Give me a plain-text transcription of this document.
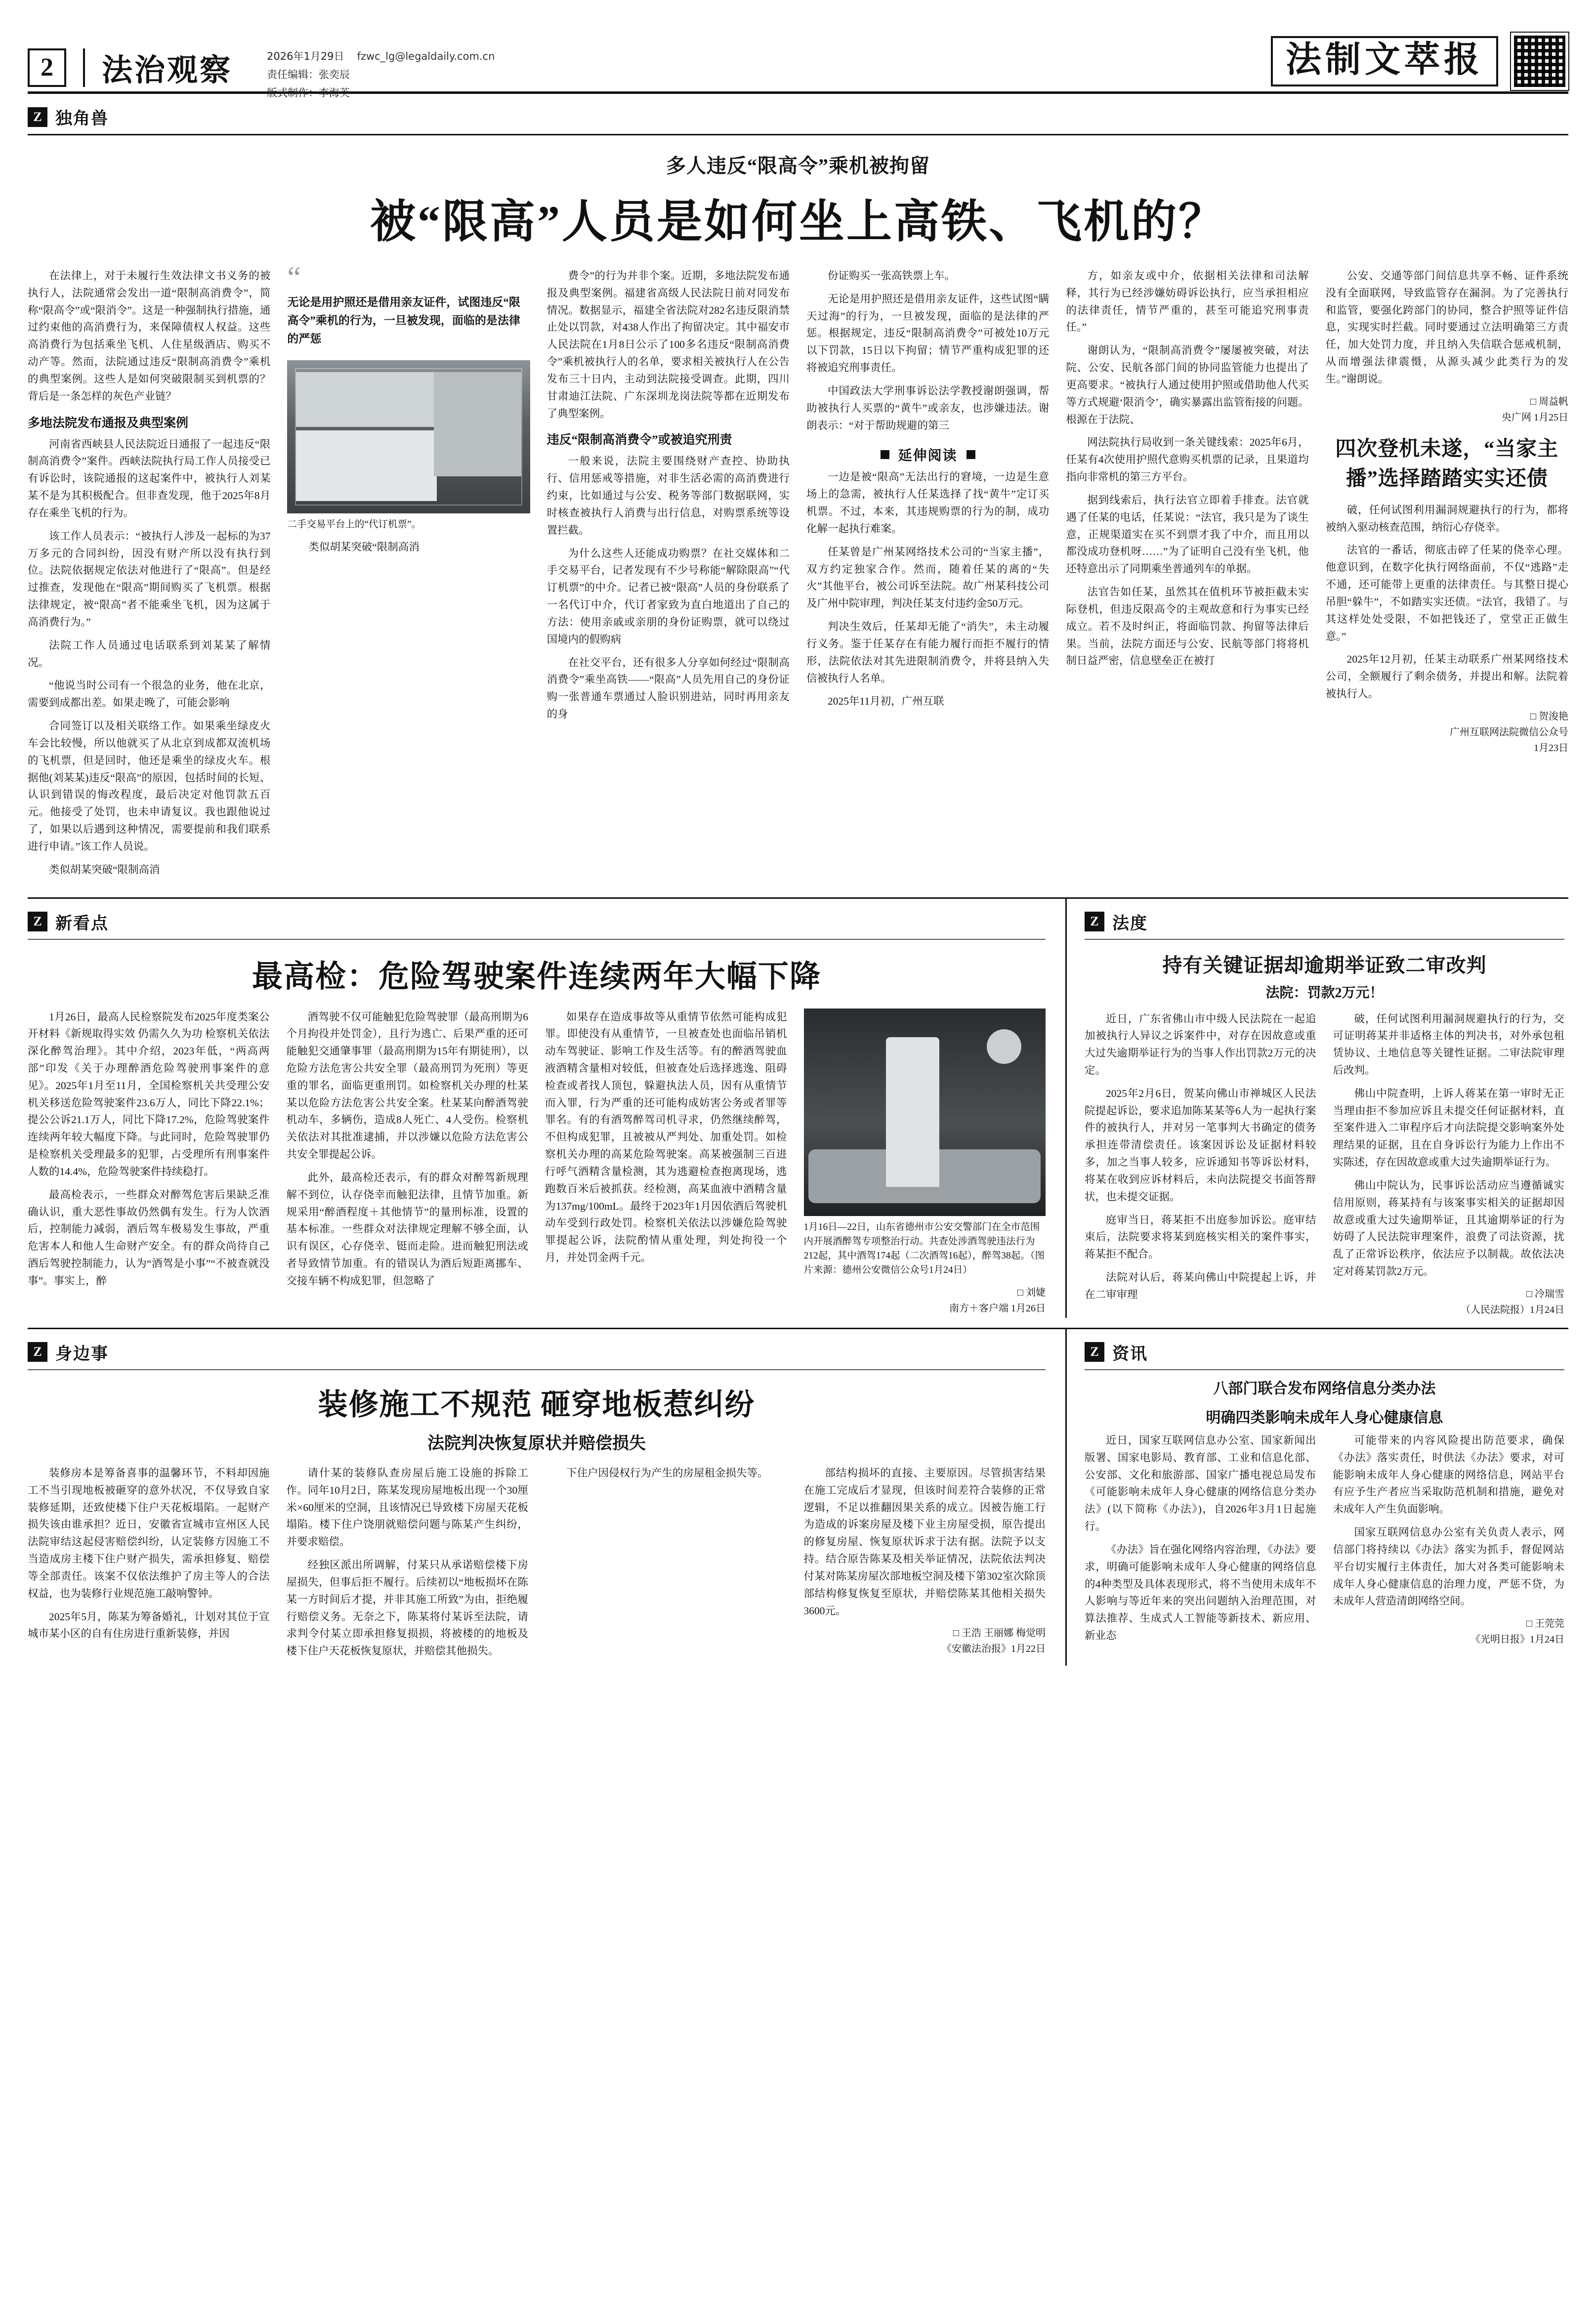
2	法治观察	2026年1月29日 fzwc_lg@legaldaily.com.cn
责任编辑：张奕辰
版式制作：李海英
法制文萃报
Z 独角兽
多人违反“限高令”乘机被拘留
被“限高”人员是如何坐上高铁、飞机的？

在法律上，对于未履行生效法律文书义务的被执行人，法院通常会发出一道“限制高消费令”，简称“限高令”或“限消令”。这是一种强制执行措施，通过约束他的高消费行为，来保障债权人权益。这些高消费行为包括乘坐飞机、人住星级酒店、购买不动产等。然而，法院通过违反“限制高消费令”乘机的典型案例。这些人是如何突破限制买到机票的？背后是一条怎样的灰色产业链？

多地法院发布通报及典型案例

河南省西峡县人民法院近日通报了一起违反“限制高消费令”案件。西峡法院执行局工作人员接受已有诉讼时，该院通报的这起案件中，被执行人刘某某不是为其积极配合。但非查发现，他于2025年8月存在乘坐飞机的行为。

该工作人员表示：“被执行人涉及一起标的为37万多元的合同纠纷，因没有财产所以没有执行到位。法院依据规定依法对他进行了“限高”。但是经过推查，发现他在“限高”期间购买了飞机票。根据法律规定，被“限高”者不能乘坐飞机，因为这属于高消费行为。”

法院工作人员通过电话联系到刘某某了解情况。

“他说当时公司有一个很急的业务，他在北京，需要到成都出差。如果走晚了，可能会影响

合同签订以及相关联络工作。如果乘坐绿皮火车会比较慢，所以他就买了从北京到成都双流机场的飞机票，但是回时，他还是乘坐的绿皮火车。根据他(刘某某)违反“限高”的原因，包括时间的长短、认识到错误的悔改程度，最后决定对他罚款五百元。他接受了处罚，也未申请复议。我也跟他说过了，如果以后遇到这种情况，需要提前和我们联系进行申请。”该工作人员说。

类似胡某突破“限制高消

“

无论是用护照还是借用亲友证件，试图违反“限高令”乘机的行为，一旦被发现，面临的是法律的严惩

二手交易平台上的“代订机票”。

类似胡某突破“限制高消

费令”的行为并非个案。近期，多地法院发布通报及典型案例。福建省高级人民法院日前对同发布情况。数据显示，福建全省法院对282名违反限消禁止处以罚款，对438人作出了拘留决定。其中福安市人民法院在1月8日公示了100多名违反“限制高消费令”乘机被执行人的名单，要求相关被执行人在公告发布三十日内，主动到法院接受调查。此期，四川甘肃迪江法院、广东深圳龙岗法院等都在近期发布了典型案例。

违反“限制高消费令”或被追究刑责

一般来说，法院主要围绕财产查控、协助执行、信用惩戒等措施，对非生活必需的高消费进行约束，比如通过与公安、税务等部门数据联网，实时核查被执行人消费与出行信息，对购票系统等设置拦截。

为什么这些人还能成功购票？在社交媒体和二手交易平台，记者发现有不少号称能“解除限高”“代订机票”的中介。记者已被“限高”人员的身份联系了一名代订中介，代订者家致为直白地道出了自己的方法：使用亲戚或亲朋的身份证购票，就可以绕过国境内的假购病

在社交平台，还有很多人分享如何经过“限制高消费令”乘坐高铁——“限高”人员先用自己的身份证购一张普通车票通过人脸识别进站，同时再用亲友的身

份证购买一张高铁票上车。

无论是用护照还是借用亲友证件，这些试图“瞒天过海”的行为，一旦被发现，面临的是法律的严惩。根据规定，违反“限制高消费令”可被处10万元以下罚款，15日以下拘留；情节严重构成犯罪的还将被追究刑事责任。

中国政法大学刑事诉讼法学教授谢朗强调，帮助被执行人买票的“黄牛”或亲友，也涉嫌违法。谢朗表示：“对于帮助规避的第三

延伸阅读

一边是被“限高”无法出行的窘境，一边是生意场上的急需，被执行人任某选择了找“黄牛”定订买机票。不过，本来，其违规购票的行为的制，成功化解一起执行难案。

任某曾是广州某网络技术公司的“当家主播”，双方约定独家合作。然而，随着任某的离的“失火”其他平台，被公司诉至法院。故广州某科技公司及广州中院审理，判决任某支付违约金50万元。

判决生效后，任某却无能了“消失”，未主动履行义务。鉴于任某存在有能力履行而拒不履行的情形，法院依法对其先进限制消费令，并将县纳入失信被执行人名单。

2025年11月初，广州互联

方，如亲友或中介，依据相关法律和司法解释，其行为已经涉嫌妨碍诉讼执行，应当承担相应的法律责任，情节严重的，甚至可能追究刑事责任。”

谢朗认为，“限制高消费令”屡屡被突破，对法院、公安、民航各部门间的协同监管能力也提出了更高要求。“被执行人通过使用护照或借助他人代买等方式规避‘限消令’，确实暴露出监管衔接的问题。根源在于法院、

网法院执行局收到一条关键线索：2025年6月，任某有4次使用护照代意购买机票的记录，且果道均指向非常机的第三方平台。

据到线索后，执行法官立即着手排查。法官就遇了任某的电话，任某说：“法官，我只是为了谈生意，正规渠道实在买不到票才我了中介，而且用以都没成功登机呀……”为了证明自己没有坐飞机，他还特意出示了同期乘坐普通列车的单据。

法官告如任某，虽然其在值机环节被拒截未实际登机，但违反限高令的主观故意和行为事实已经成立。若不及时纠正，将面临罚款、拘留等法律后果。当前，法院方面还与公安、民航等部门将将机制日益严密，信息壁垒正在被打

公安、交通等部门间信息共享不畅、证件系统没有全面联网，导致监管存在漏洞。为了完善执行和监管，要强化跨部门的协同，整合护照等证件信息，实现实时拦截。同时要通过立法明确第三方责任，加大处罚力度，并且纳入失信联合惩戒机制，从而增强法律震慑，从源头减少此类行为的发生。”谢朗说。

□ 周益帆
央广网 1月25日
四次登机未遂，“当家主播”选择踏踏实实还债

破，任何试图利用漏洞规避执行的行为，都将被纳入驱动核查范围，纳衍心存侥幸。

法官的一番话，彻底击碎了任某的侥幸心理。他意识到，在数字化执行网络面前，不仅“逃路”走不通，还可能带上更重的法律责任。与其整日提心吊胆“躲牛”，不如踏实实还债。“法官，我错了。与其这样处处受限，不如把钱还了，堂堂正正做生意。”

2025年12月初，任某主动联系广州某网络技术公司，全额履行了剩余债务，并提出和解。法院着被执行人。

□ 贺浚艳
广州互联网法院微信公众号
1月23日
Z 新看点
最高检：危险驾驶案件连续两年大幅下降

1月26日，最高人民检察院发布2025年度类案公开材料《新规取得实效 仍需久久为功 检察机关依法深化醉驾治理》。其中介绍，2023年低，“两高两部”印发《关于办理醉酒危险驾驶刑事案件的意见》。2025年1月至11月，全国检察机关共受理公安机关移送危险驾驶案件23.6万人，同比下降22.1%；提公公诉21.1万人，同比下降17.2%，危险驾驶案件连续两年较大幅度下降。与此同时，危险驾驶罪仍是检察机关受理最多的犯罪，占受理所有刑事案件人数的14.4%，危险驾驶案件持续稳打。

最高检表示，一些群众对醉驾危害后果缺乏准确认识，重大恶性事故仍然偶有发生。行为人饮酒后，控制能力减弱，酒后驾车极易发生事故，严重危害本人和他人生命财产安全。有的群众尚待自己酒后驾驶控制能力，认为“酒驾是小事”“不被查就没事”。事实上，醉

酒驾驶不仅可能触犯危险驾驶罪（最高刑期为6个月拘役并处罚金），且行为逃亡、后果严重的还可能触犯交通肇事罪（最高刑期为15年有期徒刑），以危险方法危害公共安全罪（最高刑罚为死刑）等更重的罪名，面临更重刑罚。如检察机关办理的杜某某以危险方法危害公共安全案。杜某某向醉酒驾驶机动车，多辆伤，造成8人死亡、4人受伤。检察机关依法对其批准逮捕，并以涉嫌以危险方法危害公共安全罪提起公诉。

此外，最高检还表示，有的群众对醉驾新规理解不到位，认存侥幸而触犯法律，且情节加重。新规采用“醉酒程度＋其他情节”的量刑标准，设置的基本标准。一些群众对法律规定理解不够全面，认识有误区，心存侥幸、铤而走险。进而触犯刑法或者导致情节加重。有的错误认为酒后短距离挪车、交接车辆不构成犯罪，但忽略了

如果存在造成事故等从重情节依然可能构成犯罪。即使没有从重情节，一旦被查处也面临吊销机动车驾驶证、影响工作及生活等。有的醉酒驾驶血液酒精含量相对较低，但被查处后选择逃逸、阻碍检查或者找人顶包，躲避执法人员，因有从重情节而入罪，行为严重的还可能构成妨害公务或者罪等罪名。有的有酒驾醉驾司机寻求，仍然继续醉驾，不但构成犯罪，且被被从严判处、加重处罚。如检察机关办理的高某危险驾驶案。高某被强制三百进行呼气酒精含量检测，其为逃避检查抱离现场，逃跑数百米后被抓获。经检测，高某血液中酒精含量为137mg/100mL。最终于2023年1月因依酒后驾驶机动车受到行政处罚。检察机关依法以涉嫌危险驾驶罪提起公诉，法院酌情从重处理，判处拘役一个月，并处罚金两千元。

1月16日—22日，山东省德州市公安交警部门在全市范围内开展酒醉驾专项整治行动。共查处涉酒驾驶违法行为212起，其中酒驾174起（二次酒驾16起），醉驾38起。（图片来源：德州公安微信公众号1月24日）
□ 刘婕
南方＋客户端 1月26日
Z 法度
持有关键证据却逾期举证致二审改判
法院：罚款2万元！

近日，广东省佛山市中级人民法院在一起追加被执行人异议之诉案件中，对存在因故意或重大过失逾期举证行为的当事人作出罚款2万元的决定。

2025年2月6日，贺某向佛山市禅城区人民法院提起诉讼，要求追加陈某某等6人为一起执行案件的被执行人，并对另一笔事判大书确定的债务承担连带清偿责任。该案因诉讼及证据材料较多，加之当事人较多，应诉通知书等诉讼材料，将某在收到应诉材料后，未向法院提交书面答辩状，也未提交证据。

庭审当日，蒋某拒不出庭参加诉讼。庭审结束后，法院要求将某到庭核实相关的案件事实，蒋某拒不配合。

法院对认后，蒋某向佛山中院提起上诉，并在二审审理

破，任何试图利用漏洞规避执行的行为，交可证明蒋某并非适格主体的判决书，对外承包租赁协议、土地信息等关键性证据。二审法院审理后改判。

佛山中院查明，上诉人蒋某在第一审时无正当理由拒不参加应诉且未提交任何证据材料，直至案件进入二审程序后才向法院提交影响案外处理结果的证据，且在自身诉讼行为能力上作出不实陈述，存在因故意或重大过失逾期举证行为。

佛山中院认为，民事诉讼活动应当遵循诚实信用原则，蒋某持有与该案事实相关的证据却因故意或重大过失逾期举证，且其逾期举证的行为妨碍了人民法院审理案件，浪费了司法资源，扰乱了正常诉讼秩序，依法应予以制裁。故依法决定对蒋某罚款2万元。

□ 冷瑞雪
（人民法院报）1月24日
Z 身边事
装修施工不规范 砸穿地板惹纠纷
法院判决恢复原状并赔偿损失

装修房本是筹备喜事的温馨环节，不料却因施工不当引现地板被砸穿的意外状况，不仅导致自家装修延期，还致使楼下住户天花板塌陷。一起财产损失该由谁承担？近日，安徽省宣城市宣州区人民法院审结这起侵害赔偿纠纷，认定装修方因施工不当造成房主楼下住户财产损失，需承担修复、赔偿等全部责任。该案不仅依法维护了房主等人的合法权益，也为装修行业规范施工敲响警钟。

2025年5月，陈某为筹备婚礼，计划对其位于宣城市某小区的自有住房进行重新装修，并因

请什某的装修队查房屋后施工设施的拆除工作。同年10月2日，陈某发现房屋地板出现一个30厘米×60厘米的空洞，且该情况已导致楼下房屋天花板塌陷。楼下住户饶朋就赔偿问题与陈某产生纠纷，并要求赔偿。

经独区派出所调解，付某只从承诺赔偿楼下房屋损失，但事后拒不履行。后续初以“地板损坏在陈某一方时间后才提，并非其施工所致”为由，拒绝履行赔偿义务。无奈之下，陈某将付某诉至法院，请求判令付某立即承担修复损损，将被楼的的地板及楼下住户天花板恢复原状，并赔偿其他损失。

下住户因侵权行为产生的房屋租金损失等。	部结构损坏的直接、主要原因。尽管损害结果在施工完成后才显现，但该时间差符合装修的正常逻辑，不足以推翻因果关系的成立。因被告施工行为造成的诉案房屋及楼下业主房屋受损，原告提出的修复房屋、恢复原状诉求于法有据。法院予以支持。结合原告陈某及相关举证情况，法院依法判决付某对陈某房屋次部地板空洞及楼下第302室次除顶部结构修复恢复至原状，并赔偿陈某其他相关损失3600元。

□ 王浩 王丽娜 梅觉明
《安徽法治报》1月22日
Z 资讯
八部门联合发布网络信息分类办法
明确四类影响未成年人身心健康信息

近日，国家互联网信息办公室、国家新闻出版署、国家电影局、教育部、工业和信息化部、公安部、文化和旅游部、国家广播电视总局发布《可能影响未成年人身心健康的网络信息分类办法》(以下简称《办法》)，自2026年3月1日起施行。

《办法》旨在强化网络内容治理，《办法》要求，明确可能影响未成年人身心健康的网络信息的4种类型及具体表现形式，将不当使用未成年不人影响与等近年来的突出问题纳入治理范围，对算法推荐、生成式人工智能等新技术、新应用、新业态

可能带来的内容风险提出防范要求，确保《办法》落实责任，时供法《办法》要求，对可能影响未成年人身心健康的网络信息，网站平台有应予生产者应当采取防范机制和措施，避免对未成年人产生负面影响。

国家互联网信息办公室有关负责人表示，网信部门将持续以《办法》落实为抓手，督促网站平台切实履行主体责任，加大对各类可能影响未成年人身心健康信息的治理力度，严惩不贷，为未成年人营造清朗网络空间。

□ 王莞莞
《光明日报》1月24日
